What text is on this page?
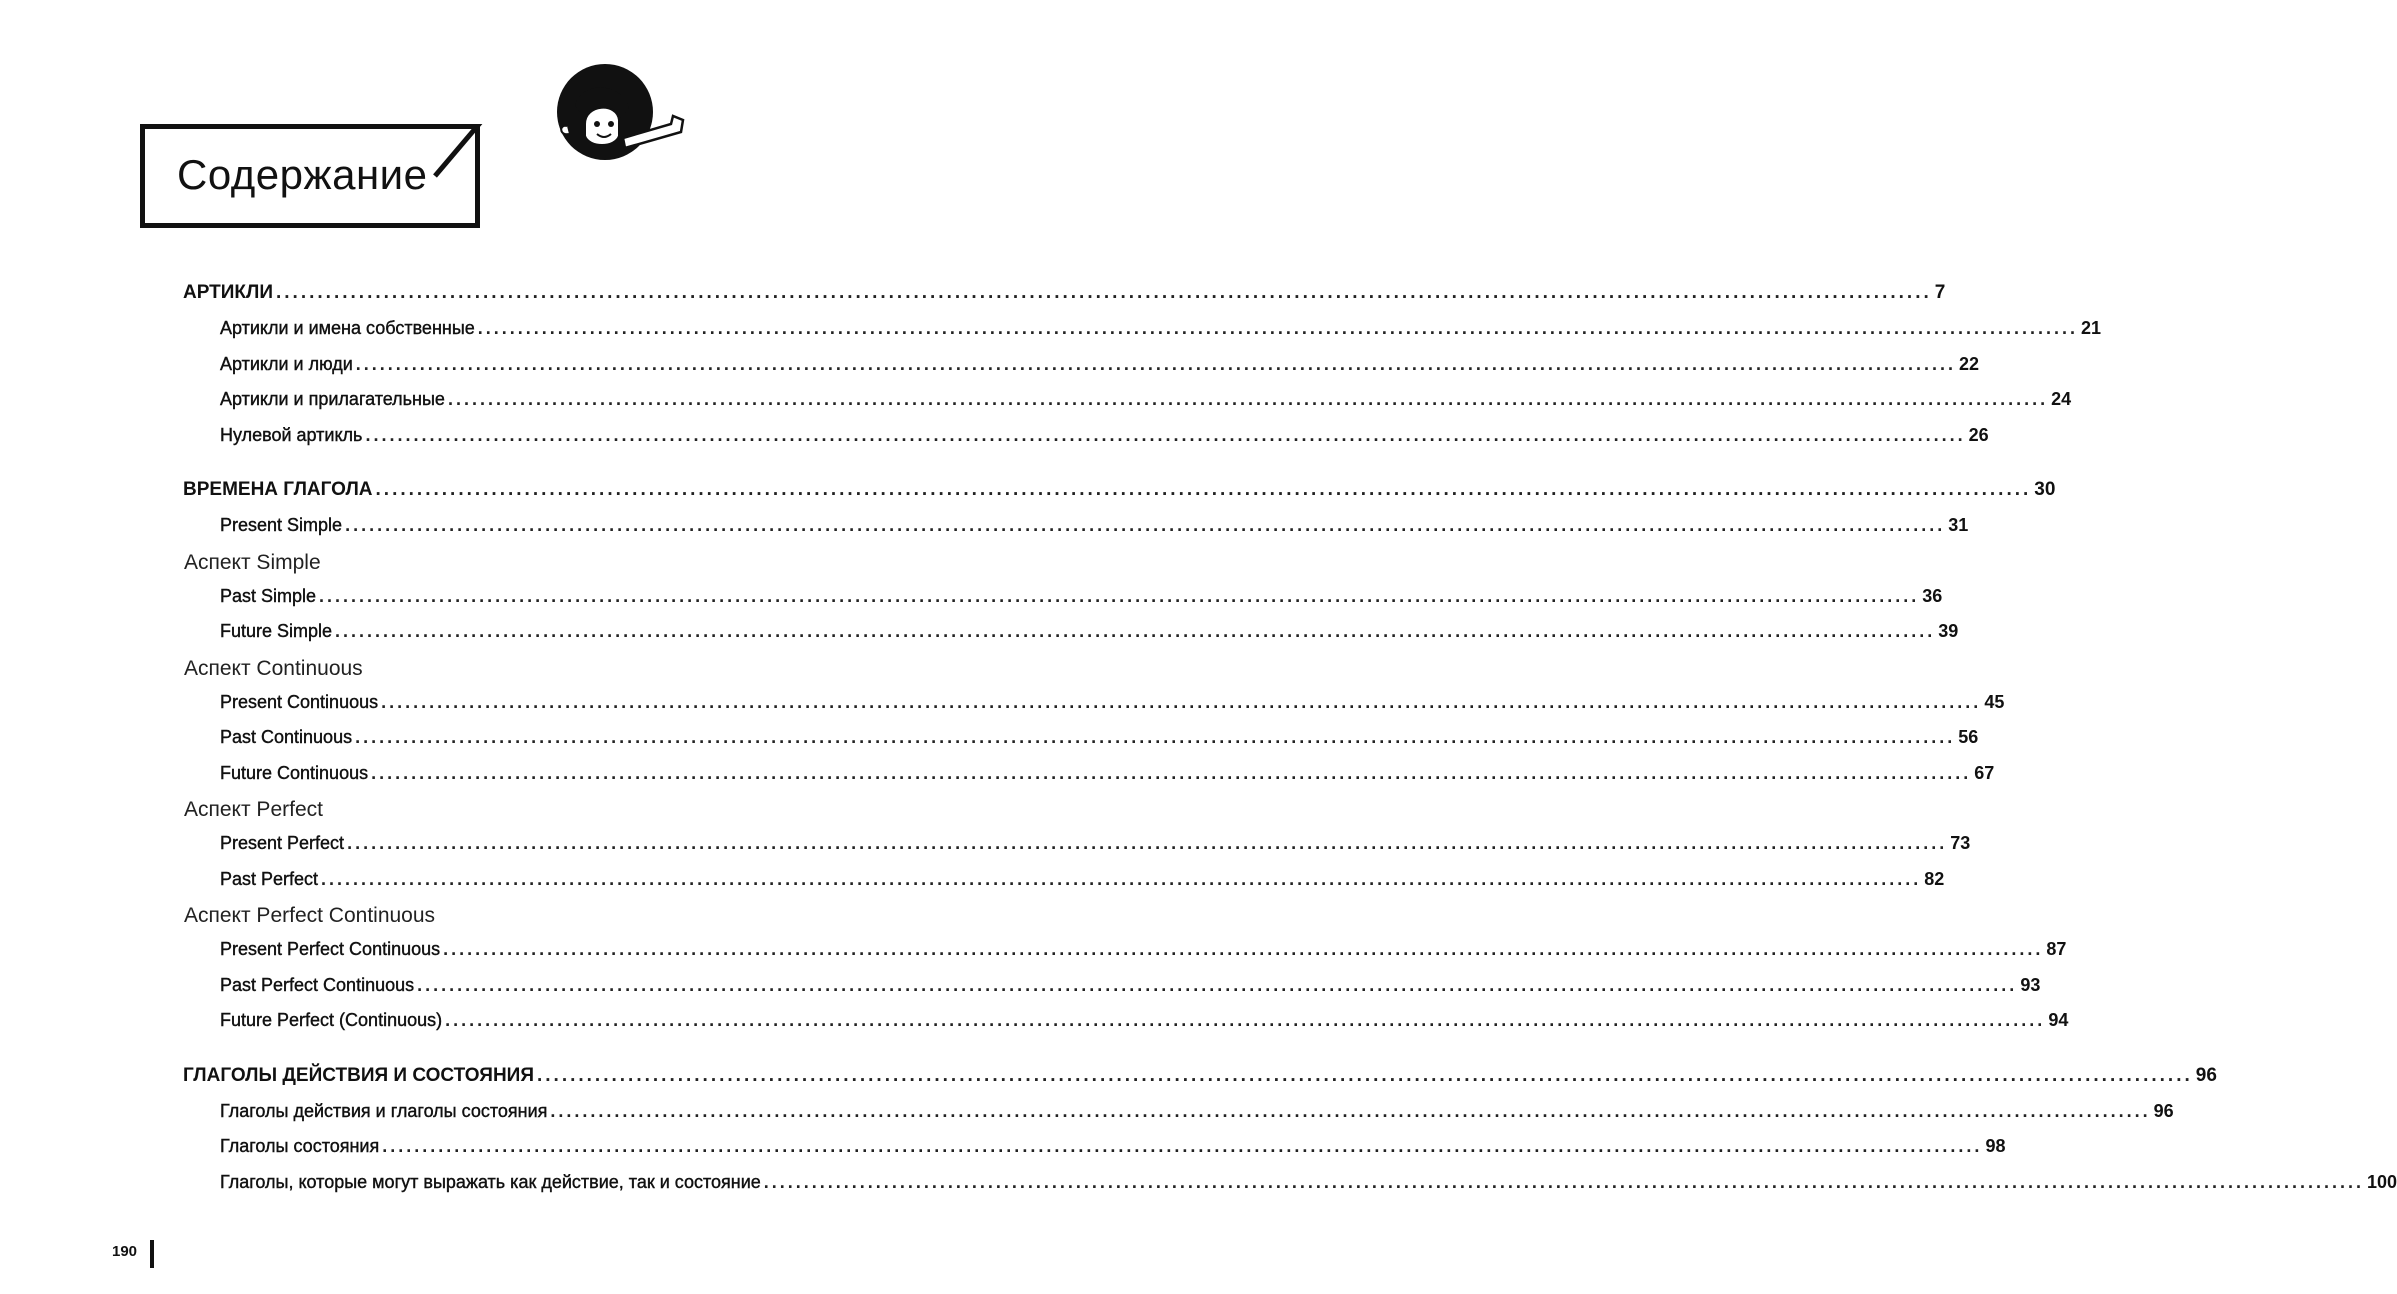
Содержание
АРТИКЛИ ........................................................................................................................................................................................................ 7
Артикли и имена собственные ........................................................................................................................................................................................................ 21
Артикли и люди ........................................................................................................................................................................................................ 22
Артикли и прилагательные ........................................................................................................................................................................................................ 24
Нулевой артикль ........................................................................................................................................................................................................ 26
ВРЕМЕНА ГЛАГОЛА ........................................................................................................................................................................................................ 30
Present Simple ........................................................................................................................................................................................................ 31
Аспект Simple
Past Simple ........................................................................................................................................................................................................ 36
Future Simple ........................................................................................................................................................................................................ 39
Аспект Continuous
Present Continuous ........................................................................................................................................................................................................ 45
Past Continuous ........................................................................................................................................................................................................ 56
Future Continuous ........................................................................................................................................................................................................ 67
Аспект Perfect
Present Perfect ........................................................................................................................................................................................................ 73
Past Perfect ........................................................................................................................................................................................................ 82
Аспект Perfect Continuous
Present Perfect Continuous ........................................................................................................................................................................................................ 87
Past Perfect Continuous ........................................................................................................................................................................................................ 93
Future Perfect (Continuous) ........................................................................................................................................................................................................ 94
ГЛАГОЛЫ ДЕЙСТВИЯ И СОСТОЯНИЯ ........................................................................................................................................................................................................ 96
Глаголы действия и глаголы состояния ........................................................................................................................................................................................................ 96
Глаголы состояния ........................................................................................................................................................................................................ 98
Глаголы, которые могут выражать как действие, так и состояние ........................................................................................................................................................................................................ 100
190
